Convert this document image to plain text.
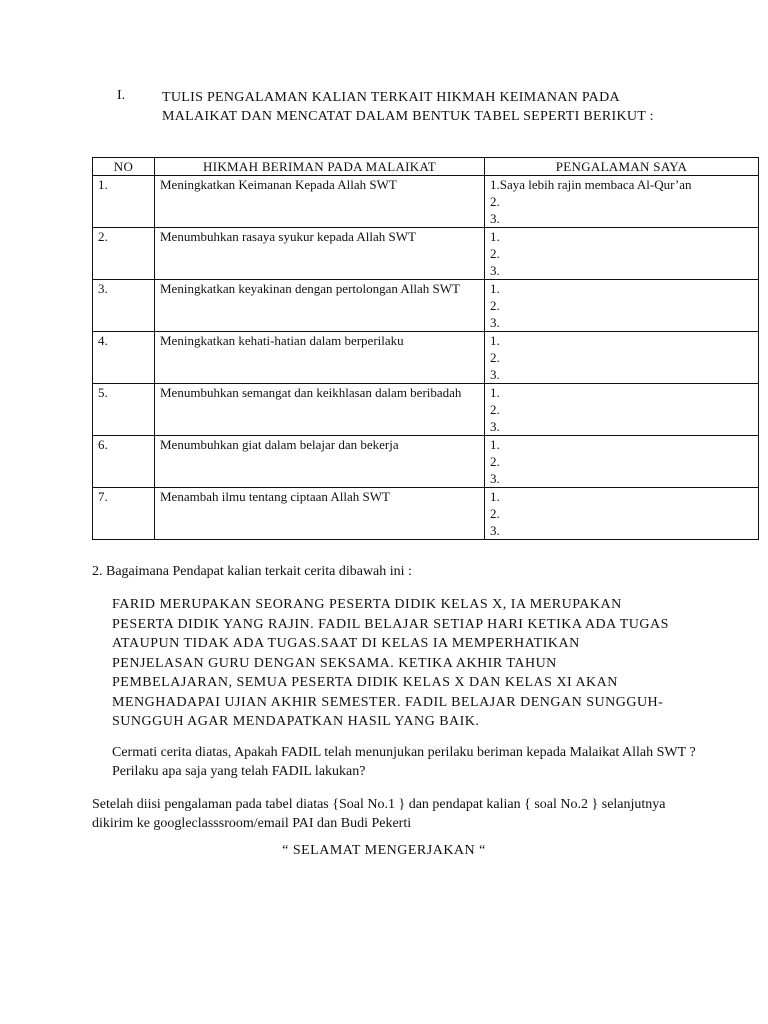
I.	TULIS PENGALAMAN KALIAN TERKAIT HIKMAH KEIMANAN PADA MALAIKAT DAN MENCATAT DALAM BENTUK TABEL SEPERTI BERIKUT :
NO	HIKMAH BERIMAN PADA MALAIKAT	PENGALAMAN SAYA
1.	Meningkatkan Keimanan Kepada Allah SWT	1.Saya lebih rajin membaca Al-Qur’an
2.
3.

2.	Menumbuhkan rasaya syukur kepada Allah SWT	1.
2.
3.

3.	Meningkatkan keyakinan dengan pertolongan Allah SWT	1.
2.
3.

4.	Meningkatkan kehati-hatian dalam berperilaku	1.
2.
3.

5.	Menumbuhkan semangat dan keikhlasan dalam beribadah	1.
2.
3.

6.	Menumbuhkan giat dalam belajar dan bekerja	1.
2.
3.

7.	Menambah ilmu tentang ciptaan Allah SWT	1.
2.
3.
2. Bagaimana Pendapat kalian terkait cerita dibawah ini :
FARID MERUPAKAN SEORANG PESERTA DIDIK KELAS X, IA MERUPAKAN PESERTA DIDIK YANG RAJIN. FADIL BELAJAR SETIAP HARI KETIKA ADA TUGAS ATAUPUN TIDAK ADA TUGAS.SAAT DI KELAS IA MEMPERHATIKAN PENJELASAN GURU DENGAN SEKSAMA. KETIKA AKHIR TAHUN PEMBELAJARAN, SEMUA PESERTA DIDIK KELAS X DAN KELAS XI AKAN MENGHADAPAI UJIAN AKHIR SEMESTER. FADIL BELAJAR DENGAN SUNGGUH-SUNGGUH AGAR MENDAPATKAN HASIL YANG BAIK.
Cermati cerita diatas, Apakah FADIL telah menunjukan perilaku beriman kepada Malaikat Allah SWT ? Perilaku apa saja yang telah FADIL lakukan?
Setelah diisi pengalaman pada tabel diatas {Soal No.1 } dan pendapat kalian { soal No.2 } selanjutnya dikirim ke googleclasssroom/email PAI dan Budi Pekerti
“ SELAMAT MENGERJAKAN “
